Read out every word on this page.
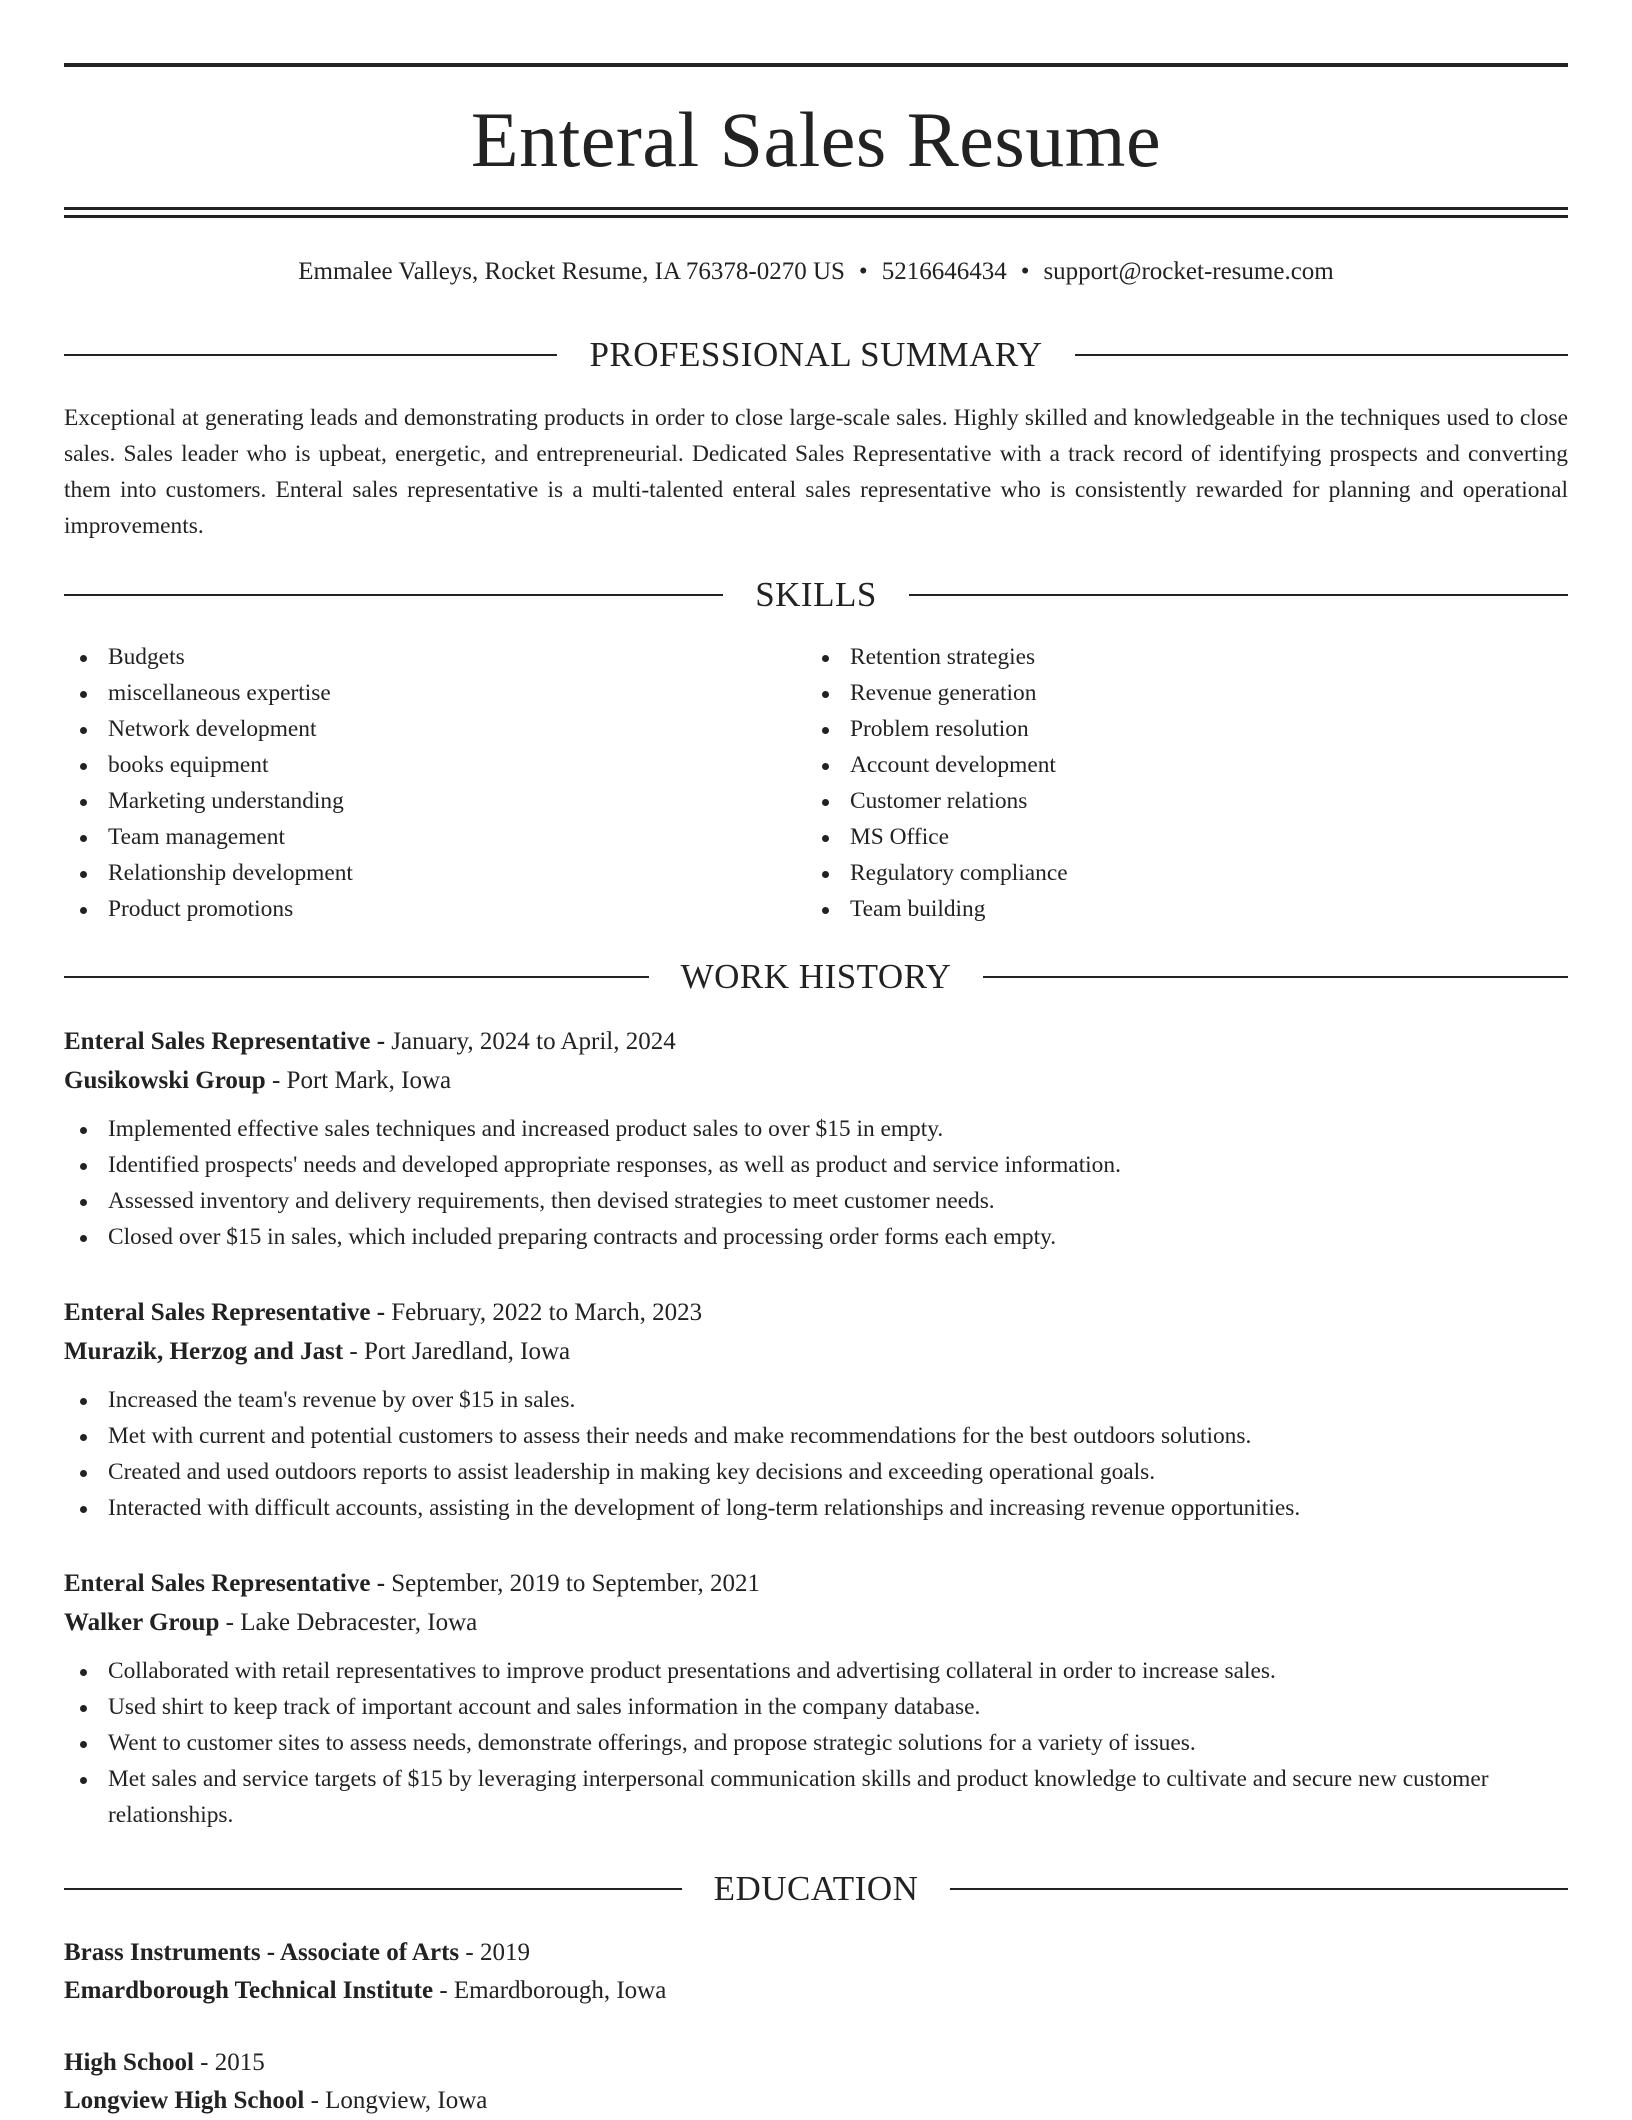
Enteral Sales Resume
Emmalee Valleys, Rocket Resume, IA 76378-0270 US • 5216646434 • support@rocket-resume.com
PROFESSIONAL SUMMARY
Exceptional at generating leads and demonstrating products in order to close large-scale sales. Highly skilled and knowledgeable in the techniques used to close sales. Sales leader who is upbeat, energetic, and entrepreneurial. Dedicated Sales Representative with a track record of identifying prospects and converting them into customers. Enteral sales representative is a multi-talented enteral sales representative who is consistently rewarded for planning and operational improvements.
SKILLS
Budgets
miscellaneous expertise
Network development
books equipment
Marketing understanding
Team management
Relationship development
Product promotions
Retention strategies
Revenue generation
Problem resolution
Account development
Customer relations
MS Office
Regulatory compliance
Team building
WORK HISTORY
Enteral Sales Representative - January, 2024 to April, 2024
Gusikowski Group - Port Mark, Iowa
Implemented effective sales techniques and increased product sales to over $15 in empty.
Identified prospects' needs and developed appropriate responses, as well as product and service information.
Assessed inventory and delivery requirements, then devised strategies to meet customer needs.
Closed over $15 in sales, which included preparing contracts and processing order forms each empty.
Enteral Sales Representative - February, 2022 to March, 2023
Murazik, Herzog and Jast - Port Jaredland, Iowa
Increased the team's revenue by over $15 in sales.
Met with current and potential customers to assess their needs and make recommendations for the best outdoors solutions.
Created and used outdoors reports to assist leadership in making key decisions and exceeding operational goals.
Interacted with difficult accounts, assisting in the development of long-term relationships and increasing revenue opportunities.
Enteral Sales Representative - September, 2019 to September, 2021
Walker Group - Lake Debracester, Iowa
Collaborated with retail representatives to improve product presentations and advertising collateral in order to increase sales.
Used shirt to keep track of important account and sales information in the company database.
Went to customer sites to assess needs, demonstrate offerings, and propose strategic solutions for a variety of issues.
Met sales and service targets of $15 by leveraging interpersonal communication skills and product knowledge to cultivate and secure new customer relationships.
EDUCATION
Brass Instruments - Associate of Arts - 2019
Emardborough Technical Institute - Emardborough, Iowa
High School - 2015
Longview High School - Longview, Iowa
